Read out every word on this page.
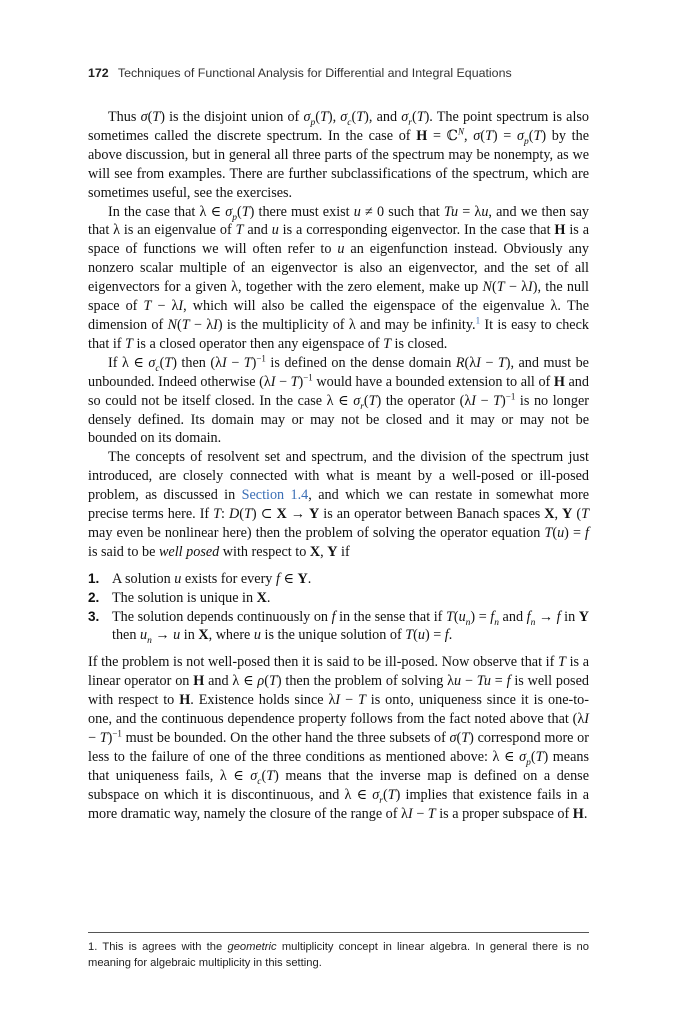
172 Techniques of Functional Analysis for Differential and Integral Equations

Thus σ(T) is the disjoint union of $\sigma_p(T)$, $\sigma_c(T)$, and $\sigma_r(T)$. The point spectrum is also sometimes called the discrete spectrum. In the case of H = ℂ$^N$, $\sigma(T) = \sigma_p(T)$ by the above discussion, but in general all three parts of the spectrum may be nonempty, as we will see from examples. There are further subclassifications of the spectrum, which are sometimes useful, see the exercises.

In the case that λ ∈ $\sigma_p(T)$ there must exist u ≠ 0 such that Tu = λu, and we then say that λ is an eigenvalue of T and u is a corresponding eigenvector. In the case that H is a space of functions we will often refer to u an eigenfunction instead. Obviously any nonzero scalar multiple of an eigenvector is also an eigenvector, and the set of all eigenvectors for a given λ, together with the zero element, make up N(T − λI), the null space of T − λI, which will also be called the eigenspace of the eigenvalue λ. The dimension of N(T − λI) is the multiplicity of λ and may be infinity.$^1$ It is easy to check that if T is a closed operator then any eigenspace of T is closed.

If λ ∈ $\sigma_c(T)$ then $(\lambda I - T)^{-1}$ is defined on the dense domain R(λI − T), and must be unbounded. Indeed otherwise $(\lambda I - T)^{-1}$ would have a bounded extension to all of H and so could not be itself closed. In the case λ ∈ $\sigma_r(T)$ the operator $(\lambda I - T)^{-1}$ is no longer densely defined. Its domain may or may not be closed and it may or may not be bounded on its domain.

The concepts of resolvent set and spectrum, and the division of the spectrum just introduced, are closely connected with what is meant by a well-posed or ill-posed problem, as discussed in Section 1.4, and which we can restate in somewhat more precise terms here. If T: D(T) ⊂ X → Y is an operator between Banach spaces X, Y (T may even be nonlinear here) then the problem of solving the operator equation T(u) = f is said to be well posed with respect to X, Y if

1. A solution u exists for every f ∈ Y.
2. The solution is unique in X.
3. The solution depends continuously on f in the sense that if $T(u_n) = f_n$ and $f_n \to f$ in Y then $u_n \to u$ in X, where u is the unique solution of T(u) = f.

If the problem is not well-posed then it is said to be ill-posed. Now observe that if T is a linear operator on H and λ ∈ ρ(T) then the problem of solving λu − Tu = f is well posed with respect to H. Existence holds since λI − T is onto, uniqueness since it is one-to-one, and the continuous dependence property follows from the fact noted above that $(\lambda I - T)^{-1}$ must be bounded. On the other hand the three subsets of σ(T) correspond more or less to the failure of one of the three conditions as mentioned above: λ ∈ $\sigma_p(T)$ means that uniqueness fails, λ ∈ $\sigma_c(T)$ means that the inverse map is defined on a dense subspace on which it is discontinuous, and λ ∈ $\sigma_r(T)$ implies that existence fails in a more dramatic way, namely the closure of the range of λI − T is a proper subspace of H.

1. This is agrees with the geometric multiplicity concept in linear algebra. In general there is no meaning for algebraic multiplicity in this setting.
